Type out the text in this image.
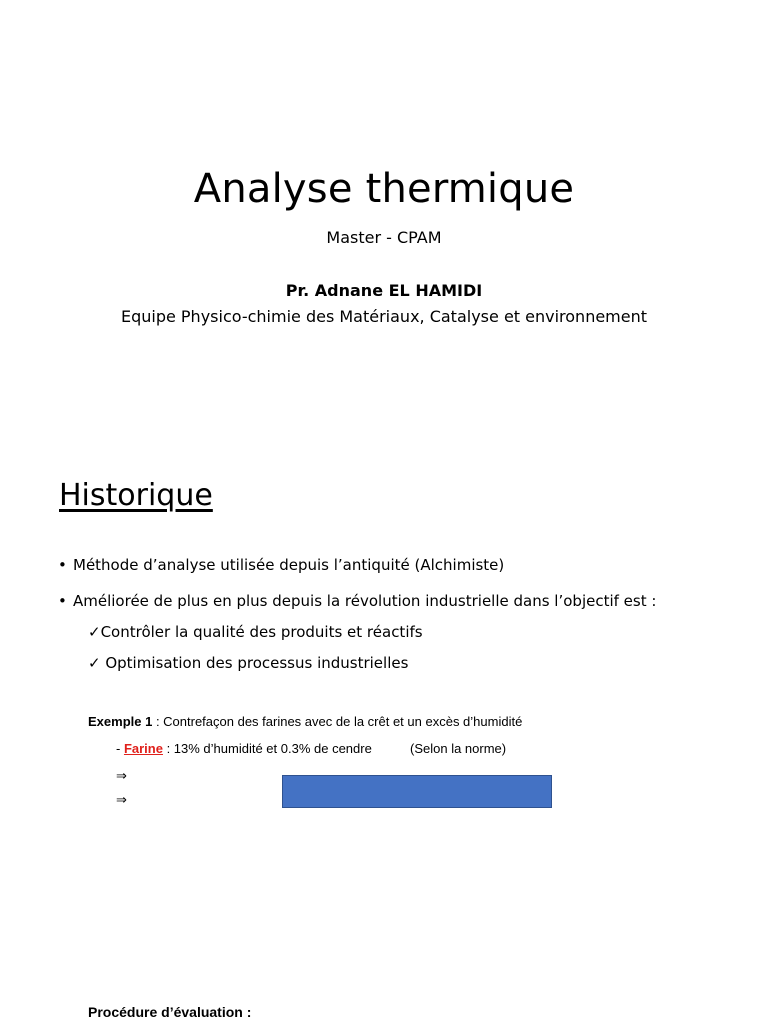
Analyse thermique
Master - CPAM
Pr. Adnane EL HAMIDI
Equipe Physico-chimie des Matériaux, Catalyse et environnement
Historique
• Méthode d’analyse utilisée depuis l’antiquité (Alchimiste)
• Améliorée de plus en plus depuis la révolution industrielle dans l’objectif est :
✓Contrôler la qualité des produits et réactifs
✓ Optimisation des processus industrielles
Exemple 1 : Contrefaçon des farines avec de la crêt et un excès d’humidité
- Farine : 13% d’humidité et 0.3% de cendre	(Selon la norme)
⇒
⇒
Procédure d’évaluation :
